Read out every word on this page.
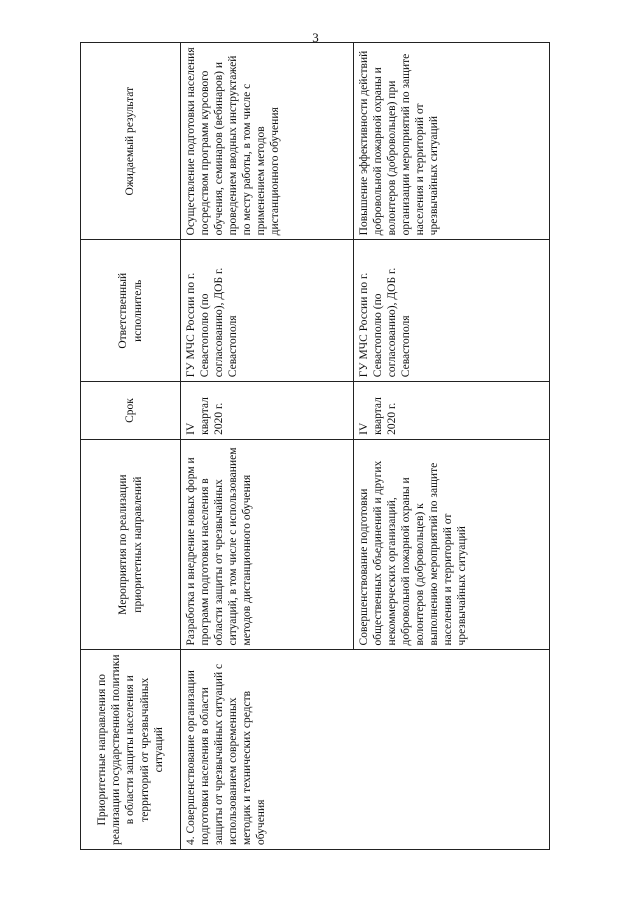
3
Приоритетные направления по реализации государственной политики в области защиты населения и территорий от чрезвычайных ситуаций	Мероприятия по реализации приоритетных направлений	Срок	Ответственный исполнитель	Ожидаемый результат
4. Совершенствование организации подготовки населения в области защиты от чрезвычайных ситуаций с использованием современных методик и технических средств обучения	Разработка и внедрение новых форм и программ подготовки населения в области защиты от чрезвычайных ситуаций, в том числе с использованием методов дистанционного обучения	IV квартал 2020 г.	ГУ МЧС России по г. Севастополю (по согласованию), ДОБ г. Севастополя	Осуществление подготовки населения посредством программ курсового обучения, семинаров (вебинаров) и проведением вводных инструктажей по месту работы, в том числе с применением методов дистанционного обучения
	Совершенствование подготовки общественных объединений и других некоммерческих организаций, добровольной пожарной охраны и волонтеров (добровольцев) к выполнению мероприятий по защите населения и территорий от чрезвычайных ситуаций	IV квартал 2020 г.	ГУ МЧС России по г. Севастополю (по согласованию), ДОБ г. Севастополя	Повышение эффективности действий добровольной пожарной охраны и волонтеров (добровольцев) при организации мероприятий по защите населения и территорий от чрезвычайных ситуаций
